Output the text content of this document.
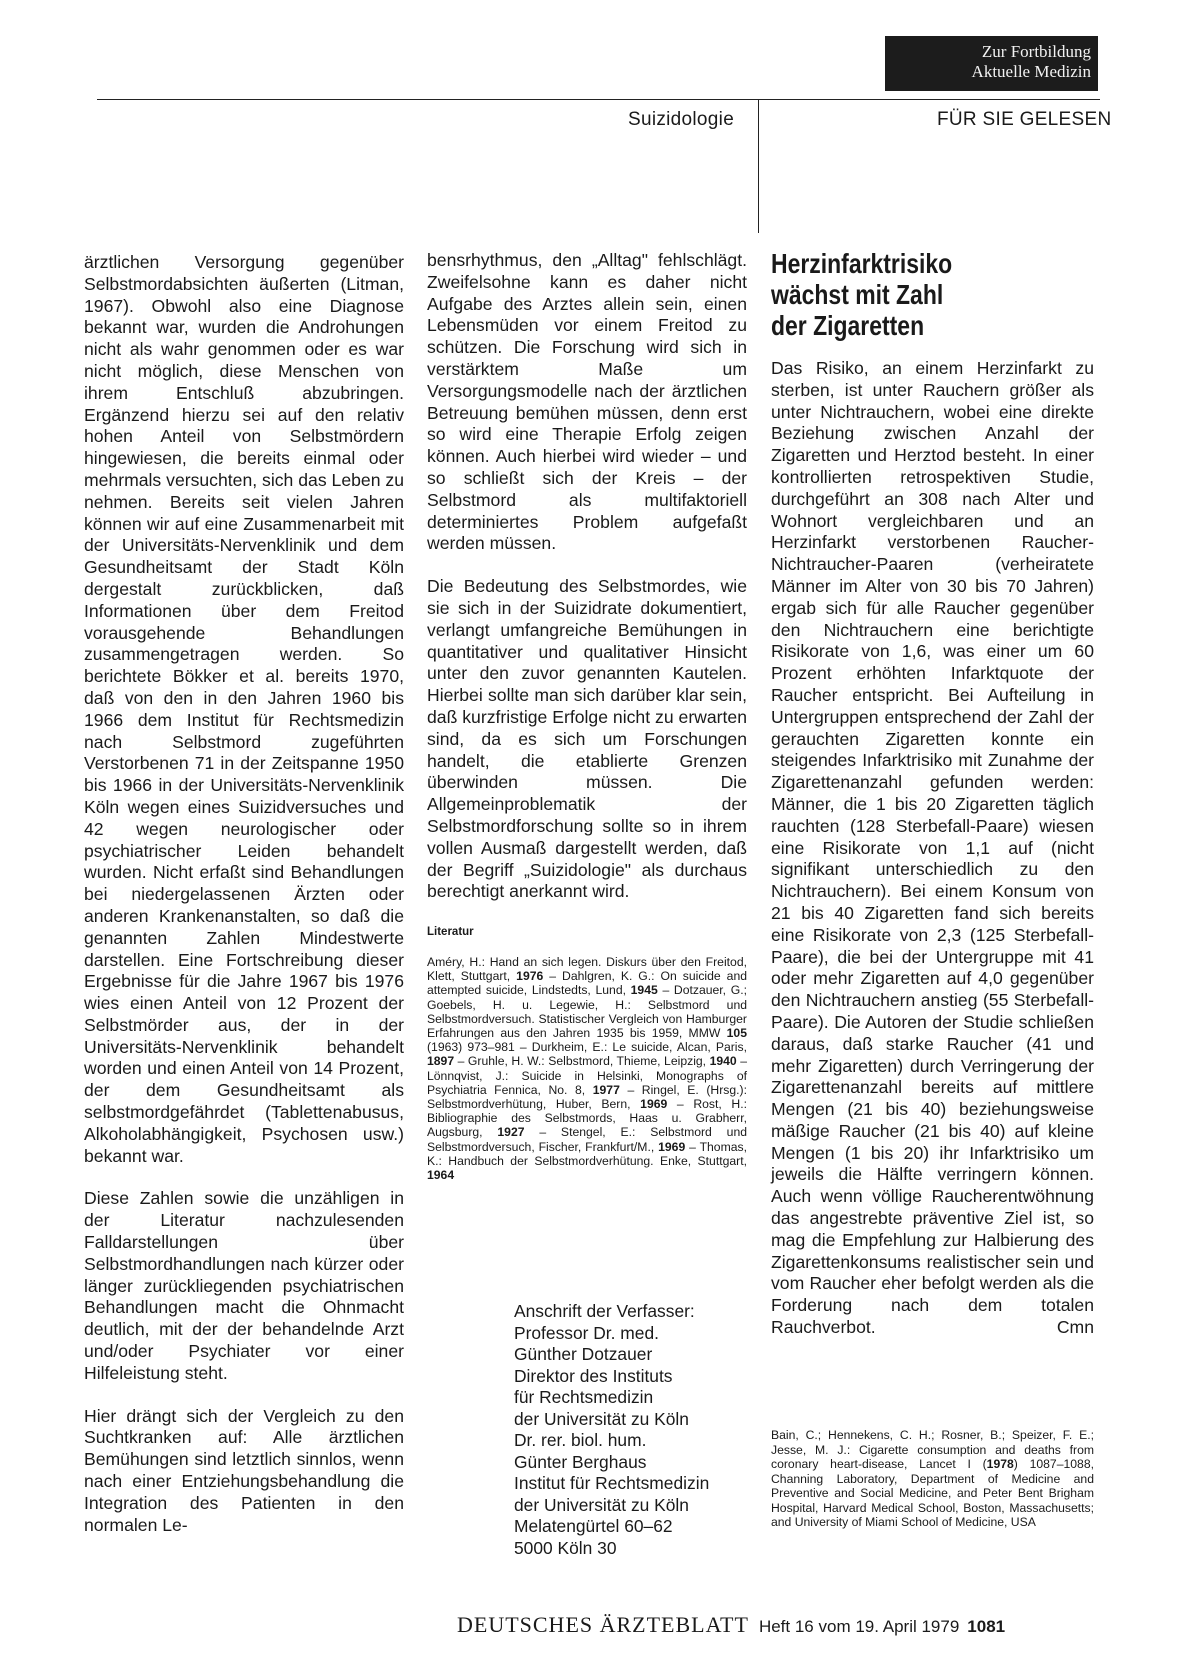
Zur Fortbildung
Aktuelle Medizin
Suizidologie	FÜR SIE GELESEN

ärztlichen Versorgung gegenüber Selbstmordabsichten äußerten (Litman, 1967). Obwohl also eine Diagnose bekannt war, wurden die Androhungen nicht als wahr genommen oder es war nicht möglich, diese Menschen von ihrem Entschluß abzubringen. Ergänzend hierzu sei auf den relativ hohen Anteil von Selbstmördern hingewiesen, die bereits einmal oder mehrmals versuchten, sich das Leben zu nehmen. Bereits seit vielen Jahren können wir auf eine Zusammenarbeit mit der Universitäts-Nervenklinik und dem Gesundheitsamt der Stadt Köln dergestalt zurückblicken, daß Informationen über dem Freitod vorausgehende Behandlungen zusammengetragen werden. So berichtete Bökker et al. bereits 1970, daß von den in den Jahren 1960 bis 1966 dem Institut für Rechtsmedizin nach Selbstmord zugeführten Verstorbenen 71 in der Zeitspanne 1950 bis 1966 in der Universitäts-Nervenklinik Köln wegen eines Suizidversuches und 42 wegen neurologischer oder psychiatrischer Leiden behandelt wurden. Nicht erfaßt sind Behandlungen bei niedergelassenen Ärzten oder anderen Krankenanstalten, so daß die genannten Zahlen Mindestwerte darstellen. Eine Fortschreibung dieser Ergebnisse für die Jahre 1967 bis 1976 wies einen Anteil von 12 Prozent der Selbstmörder aus, der in der Universitäts-Nervenklinik behandelt worden und einen Anteil von 14 Prozent, der dem Gesundheitsamt als selbstmordgefährdet (Tablettenabusus, Alkoholabhängigkeit, Psychosen usw.) bekannt war.

Diese Zahlen sowie die unzähligen in der Literatur nachzulesenden Falldarstellungen über Selbstmordhandlungen nach kürzer oder länger zurückliegenden psychiatrischen Behandlungen macht die Ohnmacht deutlich, mit der der behandelnde Arzt und/oder Psychiater vor einer Hilfeleistung steht.

Hier drängt sich der Vergleich zu den Suchtkranken auf: Alle ärztlichen Bemühungen sind letztlich sinnlos, wenn nach einer Entziehungsbehandlung die Integration des Patienten in den normalen Le-

bensrhythmus, den „Alltag" fehlschlägt. Zweifelsohne kann es daher nicht Aufgabe des Arztes allein sein, einen Lebensmüden vor einem Freitod zu schützen. Die Forschung wird sich in verstärktem Maße um Versorgungsmodelle nach der ärztlichen Betreuung bemühen müssen, denn erst so wird eine Therapie Erfolg zeigen können. Auch hierbei wird wieder – und so schließt sich der Kreis – der Selbstmord als multifaktoriell determiniertes Problem aufgefaßt werden müssen.

Die Bedeutung des Selbstmordes, wie sie sich in der Suizidrate dokumentiert, verlangt umfangreiche Bemühungen in quantitativer und qualitativer Hinsicht unter den zuvor genannten Kautelen. Hierbei sollte man sich darüber klar sein, daß kurzfristige Erfolge nicht zu erwarten sind, da es sich um Forschungen handelt, die etablierte Grenzen überwinden müssen. Die Allgemeinproblematik der Selbstmordforschung sollte so in ihrem vollen Ausmaß dargestellt werden, daß der Begriff „Suizidologie" als durchaus berechtigt anerkannt wird.

Literatur
Améry, H.: Hand an sich legen. Diskurs über den Freitod, Klett, Stuttgart, 1976 – Dahlgren, K. G.: On suicide and attempted suicide, Lindstedts, Lund, 1945 – Dotzauer, G.; Goebels, H. u. Legewie, H.: Selbstmord und Selbstmordversuch. Statistischer Vergleich von Hamburger Erfahrungen aus den Jahren 1935 bis 1959, MMW 105 (1963) 973–981 – Durkheim, E.: Le suicide, Alcan, Paris, 1897 – Gruhle, H. W.: Selbstmord, Thieme, Leipzig, 1940 – Lönnqvist, J.: Suicide in Helsinki, Monographs of Psychiatria Fennica, No. 8, 1977 – Ringel, E. (Hrsg.): Selbstmordverhütung, Huber, Bern, 1969 – Rost, H.: Bibliographie des Selbstmords, Haas u. Grabherr, Augsburg, 1927 – Stengel, E.: Selbstmord und Selbstmordversuch, Fischer, Frankfurt/M., 1969 – Thomas, K.: Handbuch der Selbstmordverhütung. Enke, Stuttgart, 1964
Anschrift der Verfasser:
Professor Dr. med.
Günther Dotzauer
Direktor des Instituts
für Rechtsmedizin
der Universität zu Köln
Dr. rer. biol. hum.
Günter Berghaus
Institut für Rechtsmedizin
der Universität zu Köln
Melatengürtel 60–62
5000 Köln 30
Herzinfarktrisiko
wächst mit Zahl
der Zigaretten

Das Risiko, an einem Herzinfarkt zu sterben, ist unter Rauchern größer als unter Nichtrauchern, wobei eine direkte Beziehung zwischen Anzahl der Zigaretten und Herztod besteht. In einer kontrollierten retrospektiven Studie, durchgeführt an 308 nach Alter und Wohnort vergleichbaren und an Herzinfarkt verstorbenen Raucher-Nichtraucher-Paaren (verheiratete Männer im Alter von 30 bis 70 Jahren) ergab sich für alle Raucher gegenüber den Nichtrauchern eine berichtigte Risikorate von 1,6, was einer um 60 Prozent erhöhten Infarktquote der Raucher entspricht. Bei Aufteilung in Untergruppen entsprechend der Zahl der gerauchten Zigaretten konnte ein steigendes Infarktrisiko mit Zunahme der Zigarettenanzahl gefunden werden: Männer, die 1 bis 20 Zigaretten täglich rauchten (128 Sterbefall-Paare) wiesen eine Risikorate von 1,1 auf (nicht signifikant unterschiedlich zu den Nichtrauchern). Bei einem Konsum von 21 bis 40 Zigaretten fand sich bereits eine Risikorate von 2,3 (125 Sterbefall-Paare), die bei der Untergruppe mit 41 oder mehr Zigaretten auf 4,0 gegenüber den Nichtrauchern anstieg (55 Sterbefall-Paare). Die Autoren der Studie schließen daraus, daß starke Raucher (41 und mehr Zigaretten) durch Verringerung der Zigarettenanzahl bereits auf mittlere Mengen (21 bis 40) beziehungsweise mäßige Raucher (21 bis 40) auf kleine Mengen (1 bis 20) ihr Infarktrisiko um jeweils die Hälfte verringern können. Auch wenn völlige Raucherentwöhnung das angestrebte präventive Ziel ist, so mag die Empfehlung zur Halbierung des Zigarettenkonsums realistischer sein und vom Raucher eher befolgt werden als die Forderung nach dem totalen Rauchverbot.	Cmn

Bain, C.; Hennekens, C. H.; Rosner, B.; Speizer, F. E.; Jesse, M. J.: Cigarette consumption and deaths from coronary heart-disease, Lancet I (1978) 1087–1088, Channing Laboratory, Department of Medicine and Preventive and Social Medicine, and Peter Bent Brigham Hospital, Harvard Medical School, Boston, Massachusetts; and University of Miami School of Medicine, USA
DEUTSCHES ÄRZTEBLATT Heft 16 vom 19. April 1979 1081
